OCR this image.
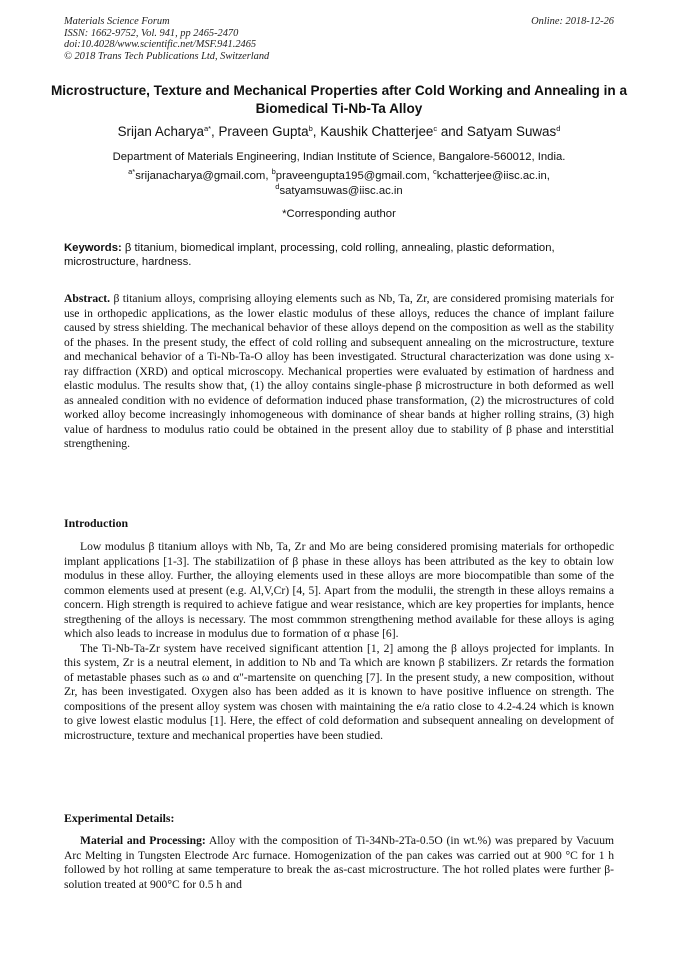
Materials Science Forum
ISSN: 1662-9752, Vol. 941, pp 2465-2470
doi:10.4028/www.scientific.net/MSF.941.2465
© 2018 Trans Tech Publications Ltd, Switzerland
Online: 2018-12-26
Microstructure, Texture and Mechanical Properties after Cold Working and Annealing in a Biomedical Ti-Nb-Ta Alloy
Srijan Acharya$^{a*}$, Praveen Gupta$^b$, Kaushik Chatterjee$^c$ and Satyam Suwas$^d$
Department of Materials Engineering, Indian Institute of Science, Bangalore-560012, India.
$^{a*}$srijanacharya@gmail.com, $^b$praveengupta195@gmail.com, $^c$kchatterjee@iisc.ac.in,
$^d$satyamsuwas@iisc.ac.in
*Corresponding author
Keywords: β titanium, biomedical implant, processing, cold rolling, annealing, plastic deformation, microstructure, hardness.
Abstract. β titanium alloys, comprising alloying elements such as Nb, Ta, Zr, are considered promising materials for use in orthopedic applications, as the lower elastic modulus of these alloys, reduces the chance of implant failure caused by stress shielding. The mechanical behavior of these alloys depend on the composition as well as the stability of the phases. In the present study, the effect of cold rolling and subsequent annealing on the microstructure, texture and mechanical behavior of a Ti-Nb-Ta-O alloy has been investigated. Structural characterization was done using x-ray diffraction (XRD) and optical microscopy. Mechanical properties were evaluated by estimation of hardness and elastic modulus. The results show that, (1) the alloy contains single-phase β microstructure in both deformed as well as annealed condition with no evidence of deformation induced phase transformation, (2) the microstructures of cold worked alloy become increasingly inhomogeneous with dominance of shear bands at higher rolling strains, (3) high value of hardness to modulus ratio could be obtained in the present alloy due to stability of β phase and interstitial strengthening.
Introduction

Low modulus β titanium alloys with Nb, Ta, Zr and Mo are being considered promising materials for orthopedic implant applications [1-3]. The stabilizatiion of β phase in these alloys has been attributed as the key to obtain low modulus in these alloy. Further, the alloying elements used in these alloys are more biocompatible than some of the common elements used at present (e.g. Al,V,Cr) [4, 5]. Apart from the modulii, the strength in these alloys remains a concern. High strength is required to achieve fatigue and wear resistance, which are key properties for implants, hence stregthening of the alloys is necessary. The most commmon strengthening method available for these alloys is aging which also leads to increase in modulus due to formation of α phase [6].

The Ti-Nb-Ta-Zr system have received significant attention [1, 2] among the β alloys projected for implants. In this system, Zr is a neutral element, in addition to Nb and Ta which are known β stabilizers. Zr retards the formation of metastable phases such as ω and α"-martensite on quenching [7]. In the present study, a new composition, without Zr, has been investigated. Oxygen also has been added as it is known to have positive influence on strength. The compositions of the present alloy system was chosen with maintaining the e/a ratio close to 4.2-4.24 which is known to give lowest elastic modulus [1]. Here, the effect of cold deformation and subsequent annealing on development of microstructure, texture and mechanical properties have been studied.

Experimental Details:

Material and Processing: Alloy with the composition of Ti-34Nb-2Ta-0.5O (in wt.%) was prepared by Vacuum Arc Melting in Tungsten Electrode Arc furnace. Homogenization of the pan cakes was carried out at 900 °C for 1 h followed by hot rolling at same temperature to break the as-cast microstructure. The hot rolled plates were further β-solution treated at 900°C for 0.5 h and
